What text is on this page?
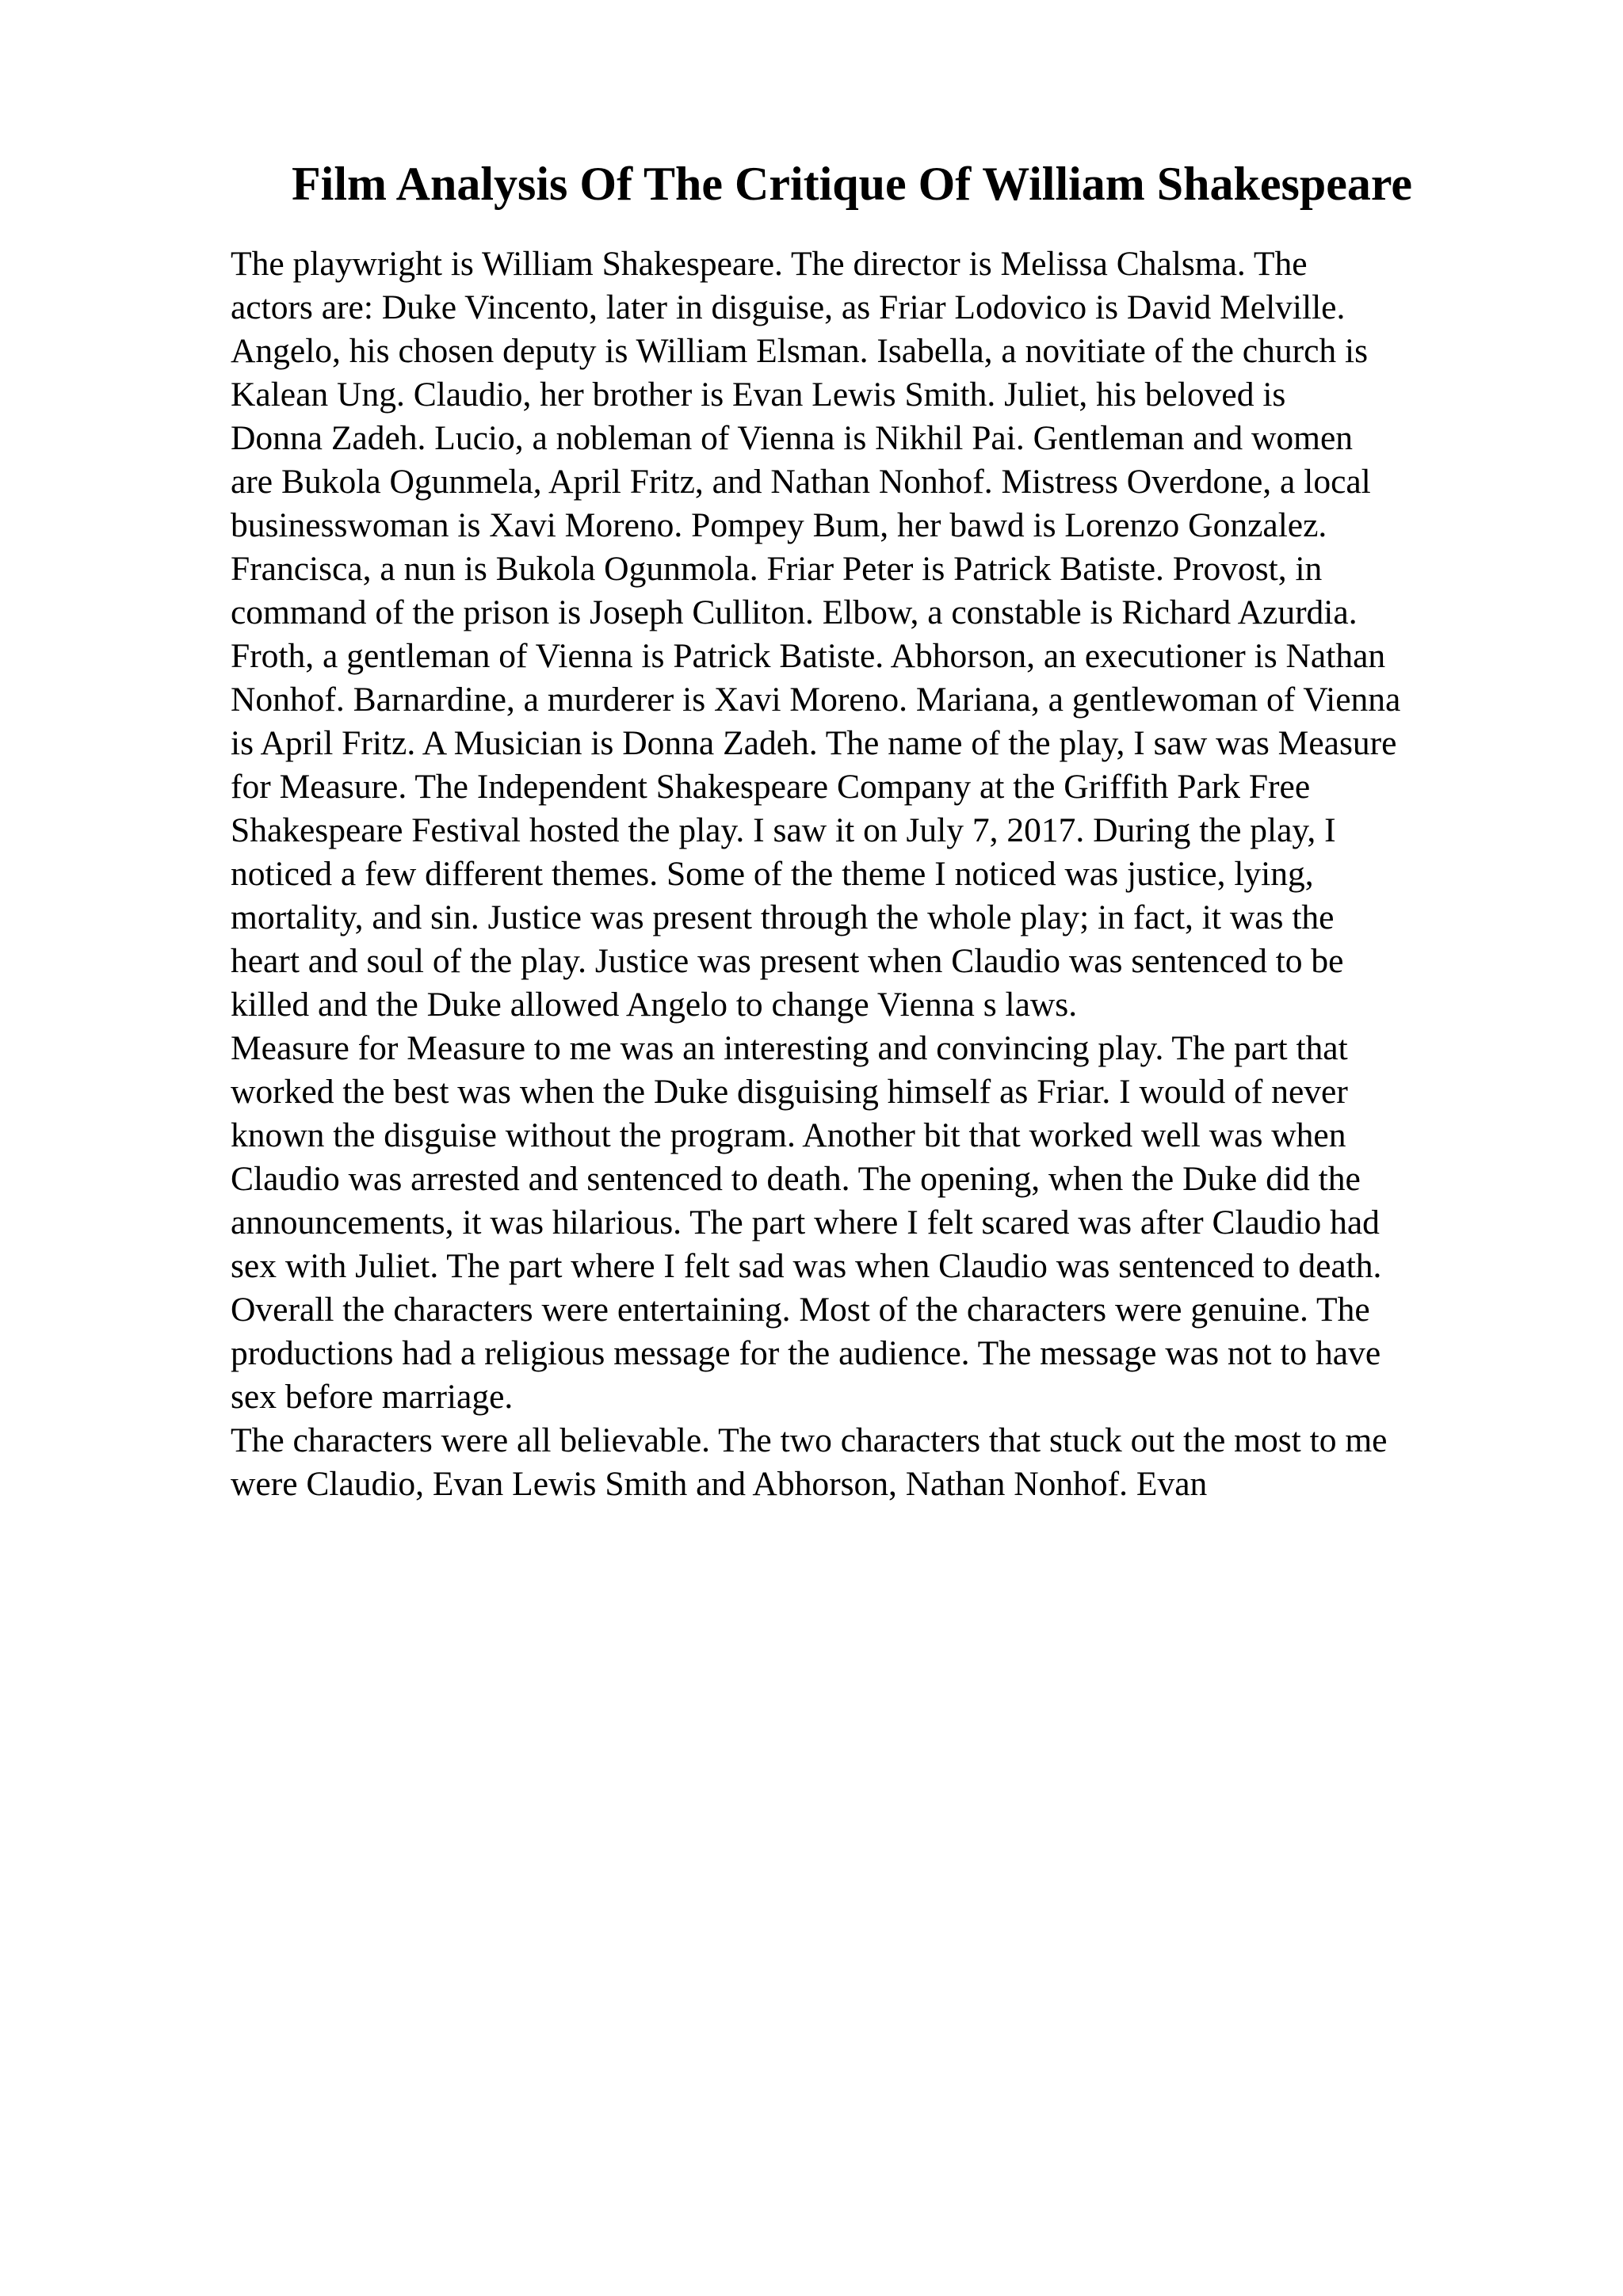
Film Analysis Of The Critique Of William Shakespeare
The playwright is William Shakespeare. The director is Melissa Chalsma. The
actors are: Duke Vincento, later in disguise, as Friar Lodovico is David Melville.
Angelo, his chosen deputy is William Elsman. Isabella, a novitiate of the church is
Kalean Ung. Claudio, her brother is Evan Lewis Smith. Juliet, his beloved is
Donna Zadeh. Lucio, a nobleman of Vienna is Nikhil Pai. Gentleman and women
are Bukola Ogunmela, April Fritz, and Nathan Nonhof. Mistress Overdone, a local
businesswoman is Xavi Moreno. Pompey Bum, her bawd is Lorenzo Gonzalez.
Francisca, a nun is Bukola Ogunmola. Friar Peter is Patrick Batiste. Provost, in
command of the prison is Joseph Culliton. Elbow, a constable is Richard Azurdia.
Froth, a gentleman of Vienna is Patrick Batiste. Abhorson, an executioner is Nathan
Nonhof. Barnardine, a murderer is Xavi Moreno. Mariana, a gentlewoman of Vienna
is April Fritz. A Musician is Donna Zadeh. The name of the play, I saw was Measure
for Measure. The Independent Shakespeare Company at the Griffith Park Free
Shakespeare Festival hosted the play. I saw it on July 7, 2017. During the play, I
noticed a few different themes. Some of the theme I noticed was justice, lying,
mortality, and sin. Justice was present through the whole play; in fact, it was the
heart and soul of the play. Justice was present when Claudio was sentenced to be
killed and the Duke allowed Angelo to change Vienna s laws.
Measure for Measure to me was an interesting and convincing play. The part that
worked the best was when the Duke disguising himself as Friar. I would of never
known the disguise without the program. Another bit that worked well was when
Claudio was arrested and sentenced to death. The opening, when the Duke did the
announcements, it was hilarious. The part where I felt scared was after Claudio had
sex with Juliet. The part where I felt sad was when Claudio was sentenced to death.
Overall the characters were entertaining. Most of the characters were genuine. The
productions had a religious message for the audience. The message was not to have
sex before marriage.
The characters were all believable. The two characters that stuck out the most to me
were Claudio, Evan Lewis Smith and Abhorson, Nathan Nonhof. Evan
